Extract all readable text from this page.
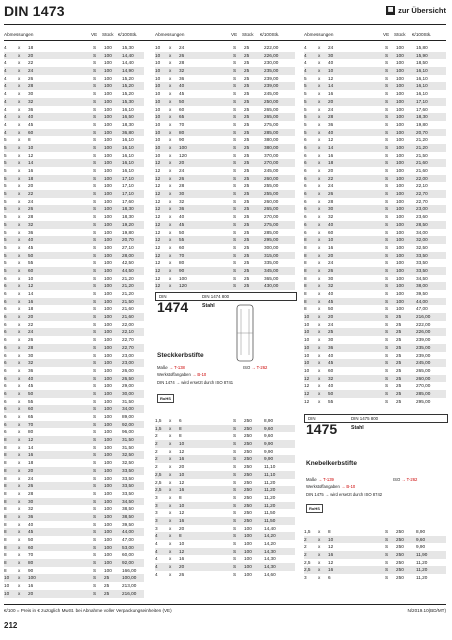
DIN 1473	▦ zur Übersicht
Abmessungen	VE Stück €/100Stk.	Abmessungen	VE Stück €/100Stk.	Abmessungen	VE Stück €/100Stk.
4 x 18	S 100 15,30
4 x 20	S 100 14,40
4 x 22	S 100 14,40
4 x 24	S 100 14,90
4 x 26	S 100 15,20
4 x 28	S 100 15,20
4 x 30	S 100 15,20
4 x 32	S 100 15,30
4 x 36	S 100 16,10
4 x 40	S 100 16,50
4 x 45	S 100 18,30
4 x 60	S 100 36,80
5 x 8	S 100 16,10
5 x 10	S 100 16,10
5 x 12	S 100 16,10
5 x 14	S 100 16,10
5 x 16	S 100 16,10
5 x 18	S 100 17,10
5 x 20	S 100 17,10
5 x 22	S 100 17,10
5 x 24	S 100 17,60
5 x 26	S 100 18,30
5 x 28	S 100 18,30
5 x 32	S 100 19,20
5 x 36	S 100 19,80
5 x 40	S 100 20,70
5 x 45	S 100 27,10
5 x 50	S 100 28,00
5 x 55	S 100 42,50
5 x 60	S 100 44,50
6 x 10	S 100 21,20
6 x 12	S 100 21,20
6 x 14	S 100 21,20
6 x 16	S 100 21,50
6 x 18	S 100 21,60
6 x 20	S 100 21,60
6 x 22	S 100 22,00
6 x 24	S 100 22,10
6 x 26	S 100 22,70
6 x 28	S 100 22,70
6 x 30	S 100 23,00
6 x 32	S 100 23,00
6 x 36	S 100 26,00
6 x 40	S 100 26,50
6 x 45	S 100 29,00
6 x 50	S 100 30,00
6 x 55	S 100 31,50
6 x 60	S 100 34,00
6 x 65	S 100 89,00
6 x 70	S 100 92,00
6 x 80	S 100 96,00
8 x 12	S 100 31,50
8 x 14	S 100 31,50
8 x 16	S 100 32,50
8 x 18	S 100 32,50
8 x 20	S 100 33,50
8 x 24	S 100 33,50
8 x 26	S 100 33,50
8 x 28	S 100 33,50
8 x 30	S 100 34,50
8 x 32	S 100 38,50
8 x 36	S 100 38,50
8 x 40	S 100 39,50
8 x 45	S 100 44,00
8 x 50	S 100 47,00
8 x 60	S 100 53,00
8 x 70	S 100 60,00
8 x 80	S 100 92,00
8 x 90	S 100 166,00
10 x 100	S 25	100,00
10 x 16	S 25	213,00
10 x 20	S 25	216,00
10 x 24	S 25	222,00
10 x 26	S 25	226,00
10 x 28	S 25	230,00
10 x 32	S 25	235,00
10 x 36	S 25	239,00
10 x 40	S 25	239,00
10 x 45	S 25	245,00
10 x 50	S 25	250,00
10 x 60	S 25	265,00
10 x 65	S 25	265,00
10 x 70	S 25	275,00
10 x 80	S 25	285,00
10 x 90	S 25	380,00
10 x 100	S 25	380,00
10 x 120	S 25	370,00
12 x 20	S 25	270,00
12 x 24	S 25	245,00
12 x 26	S 25	260,00
12 x 28	S 25	255,00
12 x 30	S 25	255,00
12 x 32	S 25	260,00
12 x 36	S 25	265,00
12 x 40	S 25	270,00
12 x 45	S 25	275,00
12 x 50	S 25	285,00
12 x 55	S 25	295,00
12 x 60	S 25	300,00
12 x 70	S 25	315,00
12 x 80	S 25	335,00
12 x 90	S 25	345,00
12 x 100	S 25	365,00
12 x 120	S 25	430,00
1,5 x 6	S 250	8,90
1,5 x 8	S 250	9,60
2 x 8	S 250	9,60
2 x 10	S 250	9,90
2 x 12	S 250	9,90
2 x 16	S 250	9,90
2 x 20	S 250	11,10
2,5 x 10	S 250	11,10
2,5 x 12	S 250	11,20
2,5 x 16	S 250	11,20
3 x 8	S 250	11,20
3 x 10	S 250	11,20
3 x 12	S 250	11,50
3 x 16	S 250	11,50
3 x 20	S 100	14,40
4 x 8	S 100	14,20
4 x 10	S 100	14,20
4 x 12	S 100	14,30
4 x 16	S 100	14,30
4 x 20	S 100	14,30
4 x 26	S 100	14,60
4 x 24	S 100	15,80
4 x 30	S 100	15,90
4 x 40	S 100	18,50
4 x 10	S 100	16,10
5 x 12	S 100	16,10
5 x 14	S 100	16,10
5 x 16	S 100	16,10
5 x 20	S 100	17,10
5 x 24	S 100	17,60
5 x 28	S 100	18,30
5 x 36	S 100	19,80
5 x 40	S 100	20,70
6 x 12	S 100	21,20
6 x 14	S 100	21,20
6 x 16	S 100	21,50
6 x 18	S 100	21,60
6 x 20	S 100	21,60
6 x 22	S 100	22,00
6 x 24	S 100	22,10
6 x 26	S 100	22,70
6 x 28	S 100	22,70
6 x 30	S 100	23,00
6 x 32	S 100	23,60
6 x 40	S 100	28,50
6 x 60	S 100	34,00
8 x 10	S 100	32,00
8 x 16	S 100	32,50
8 x 20	S 100	33,50
8 x 24	S 100	33,50
8 x 26	S 100	33,50
8 x 30	S 100	34,50
8 x 32	S 100	38,00
8 x 40	S 100	39,50
8 x 45	S 100	44,00
8 x 50	S 100	47,00
10 x 20	S 25	216,00
10 x 24	S 25	222,00
10 x 25	S 25	226,00
10 x 30	S 25	239,00
10 x 36	S 25	235,00
10 x 40	S 25	239,00
10 x 45	S 25	245,00
10 x 60	S 25	265,00
12 x 32	S 25	260,00
12 x 40	S 25	270,00
12 x 50	S 25	285,00
12 x 55	S 25	295,00
1,5 x 8	S 250	8,90
2 x 10	S 250	9,60
2 x 12	S 250	9,90
2 x 16	S 250	11,90
2,5 x 12	S 250	11,20
2,5 x 16	S 250	11,20
3 x 6	S 250	11,20
DIN	DIN 1474 800
1474	Stahl
Steckkerbstifte
Maße → T-138	ISO → T-262
Werkstoffangaben → B-10
DIN 1474 → wird ersetzt durch ISO 8741
RoHS
DIN	DIN 1475 800
1475	Stahl
Knebelkerbstifte
Maße → T-139	ISO → T-262
Werkstoffangaben → B-10
DIN 1475 → wird ersetzt durch ISO 8742
RoHS
€/100 = Preis in € zuzüglich MwSt. bei Abnahme voller Verpackungseinheiten (VE)	N/2019.10(BD/MT)
212
